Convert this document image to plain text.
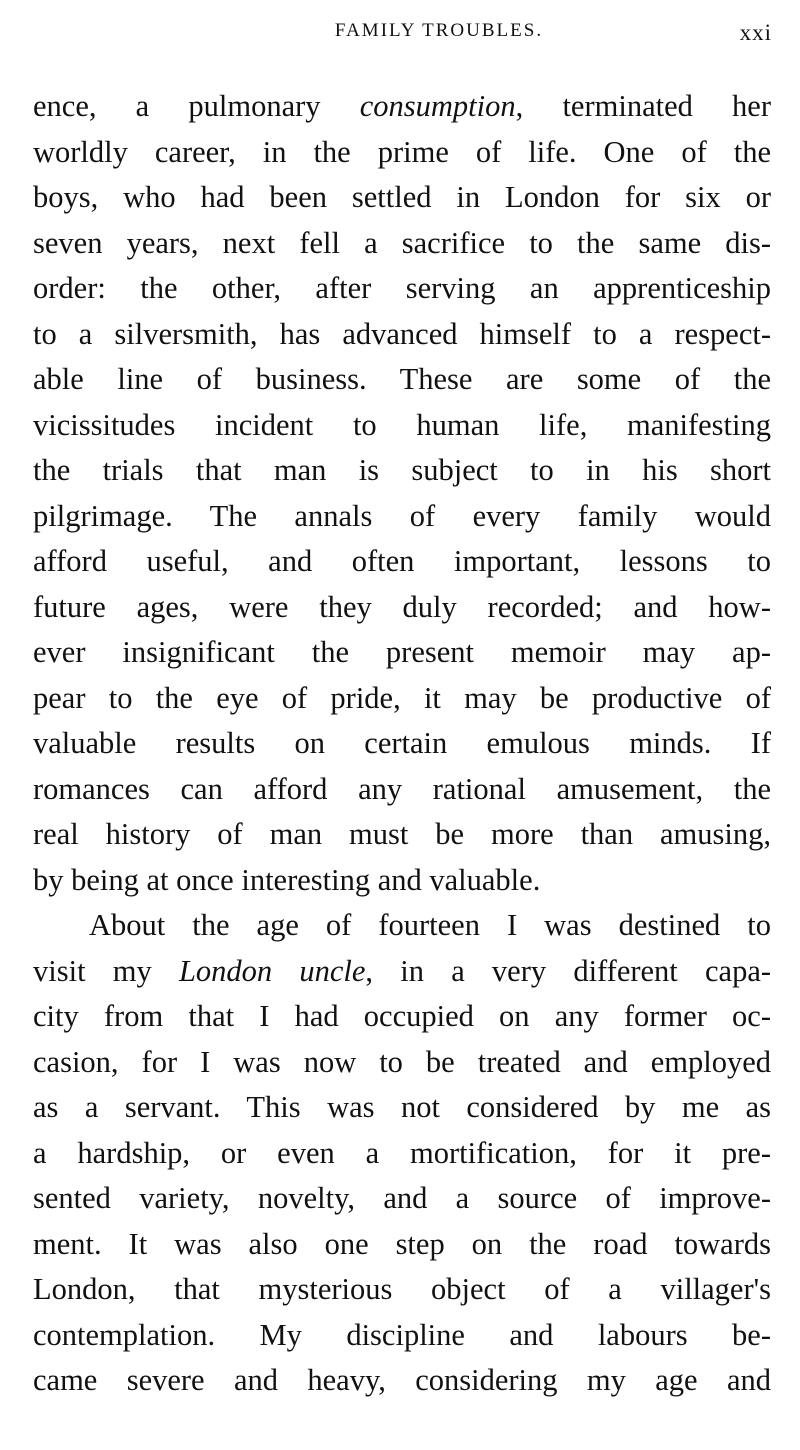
FAMILY TROUBLES.	xxi
ence, a pulmonary consumption, terminated her
worldly career, in the prime of life. One of the
boys, who had been settled in London for six or
seven years, next fell a sacrifice to the same dis-
order: the other, after serving an apprenticeship
to a silversmith, has advanced himself to a respect-
able line of business. These are some of the
vicissitudes incident to human life, manifesting
the trials that man is subject to in his short
pilgrimage. The annals of every family would
afford useful, and often important, lessons to
future ages, were they duly recorded; and how-
ever insignificant the present memoir may ap-
pear to the eye of pride, it may be productive of
valuable results on certain emulous minds. If
romances can afford any rational amusement, the
real history of man must be more than amusing,
by being at once interesting and valuable.
About the age of fourteen I was destined to
visit my London uncle, in a very different capa-
city from that I had occupied on any former oc-
casion, for I was now to be treated and employed
as a servant. This was not considered by me as
a hardship, or even a mortification, for it pre-
sented variety, novelty, and a source of improve-
ment. It was also one step on the road towards
London, that mysterious object of a villager's
contemplation. My discipline and labours be-
came severe and heavy, considering my age and
